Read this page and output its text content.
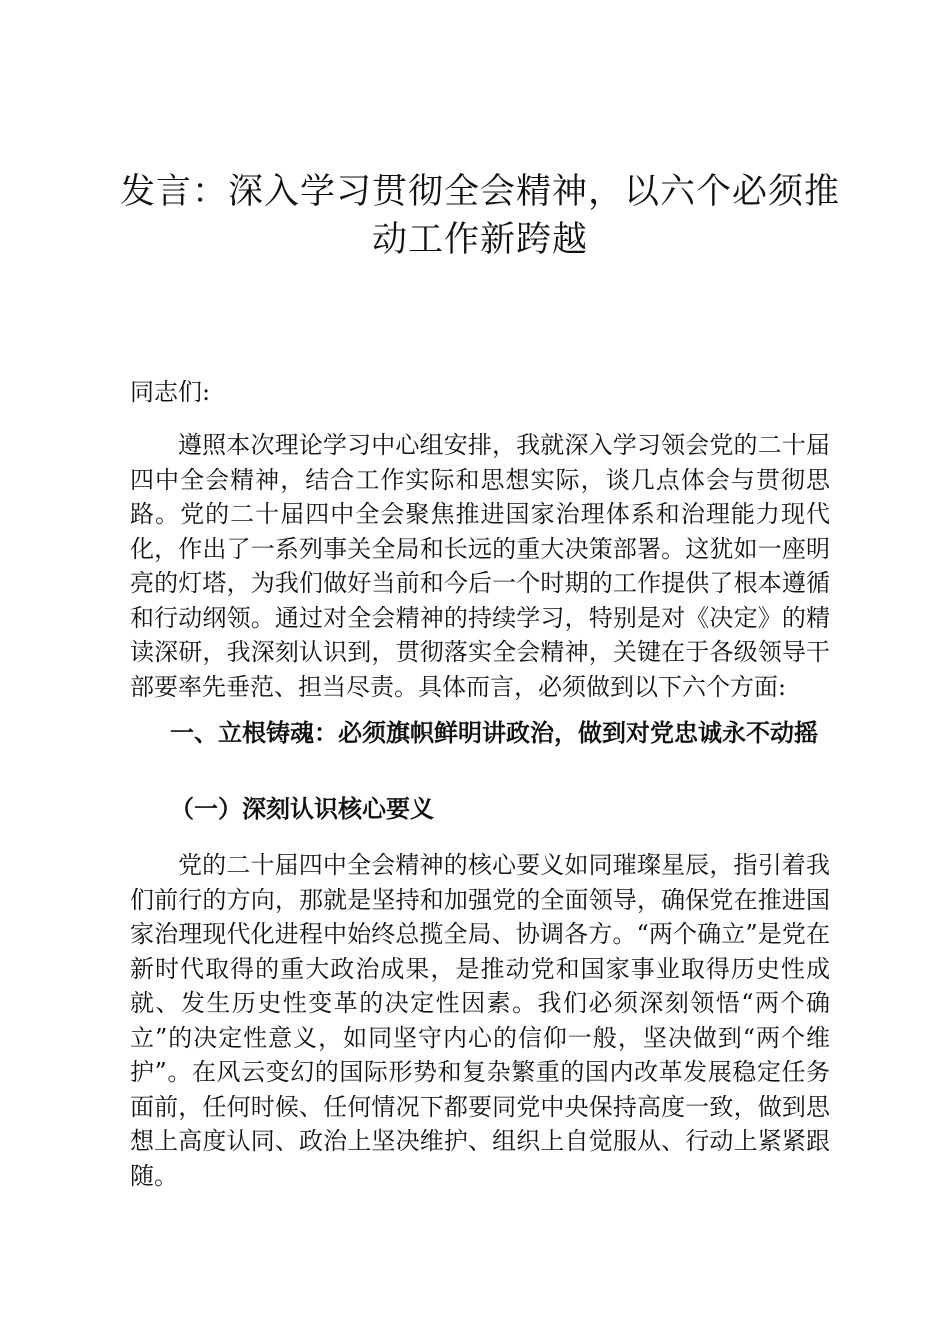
发言：深入学习贯彻全会精神，以六个必须推动工作新跨越

同志们:

遵照本次理论学习中心组安排，我就深入学习领会党的二十届四中全会精神，结合工作实际和思想实际，谈几点体会与贯彻思路。党的二十届四中全会聚焦推进国家治理体系和治理能力现代化，作出了一系列事关全局和长远的重大决策部署。这犹如一座明亮的灯塔，为我们做好当前和今后一个时期的工作提供了根本遵循和行动纲领。通过对全会精神的持续学习，特别是对《决定》的精读深研，我深刻认识到，贯彻落实全会精神，关键在于各级领导干部要率先垂范、担当尽责。具体而言，必须做到以下六个方面:

一、立根铸魂：必须旗帜鲜明讲政治，做到对党忠诚永不动摇
（一）深刻认识核心要义

党的二十届四中全会精神的核心要义如同璀璨星辰，指引着我们前行的方向，那就是坚持和加强党的全面领导，确保党在推进国家治理现代化进程中始终总揽全局、协调各方。“两个确立”是党在新时代取得的重大政治成果，是推动党和国家事业取得历史性成就、发生历史性变革的决定性因素。我们必须深刻领悟“两个确立”的决定性意义，如同坚守内心的信仰一般，坚决做到“两个维护”。在风云变幻的国际形势和复杂繁重的国内改革发展稳定任务面前，任何时候、任何情况下都要同党中央保持高度一致，做到思想上高度认同、政治上坚决维护、组织上自觉服从、行动上紧紧跟随。
